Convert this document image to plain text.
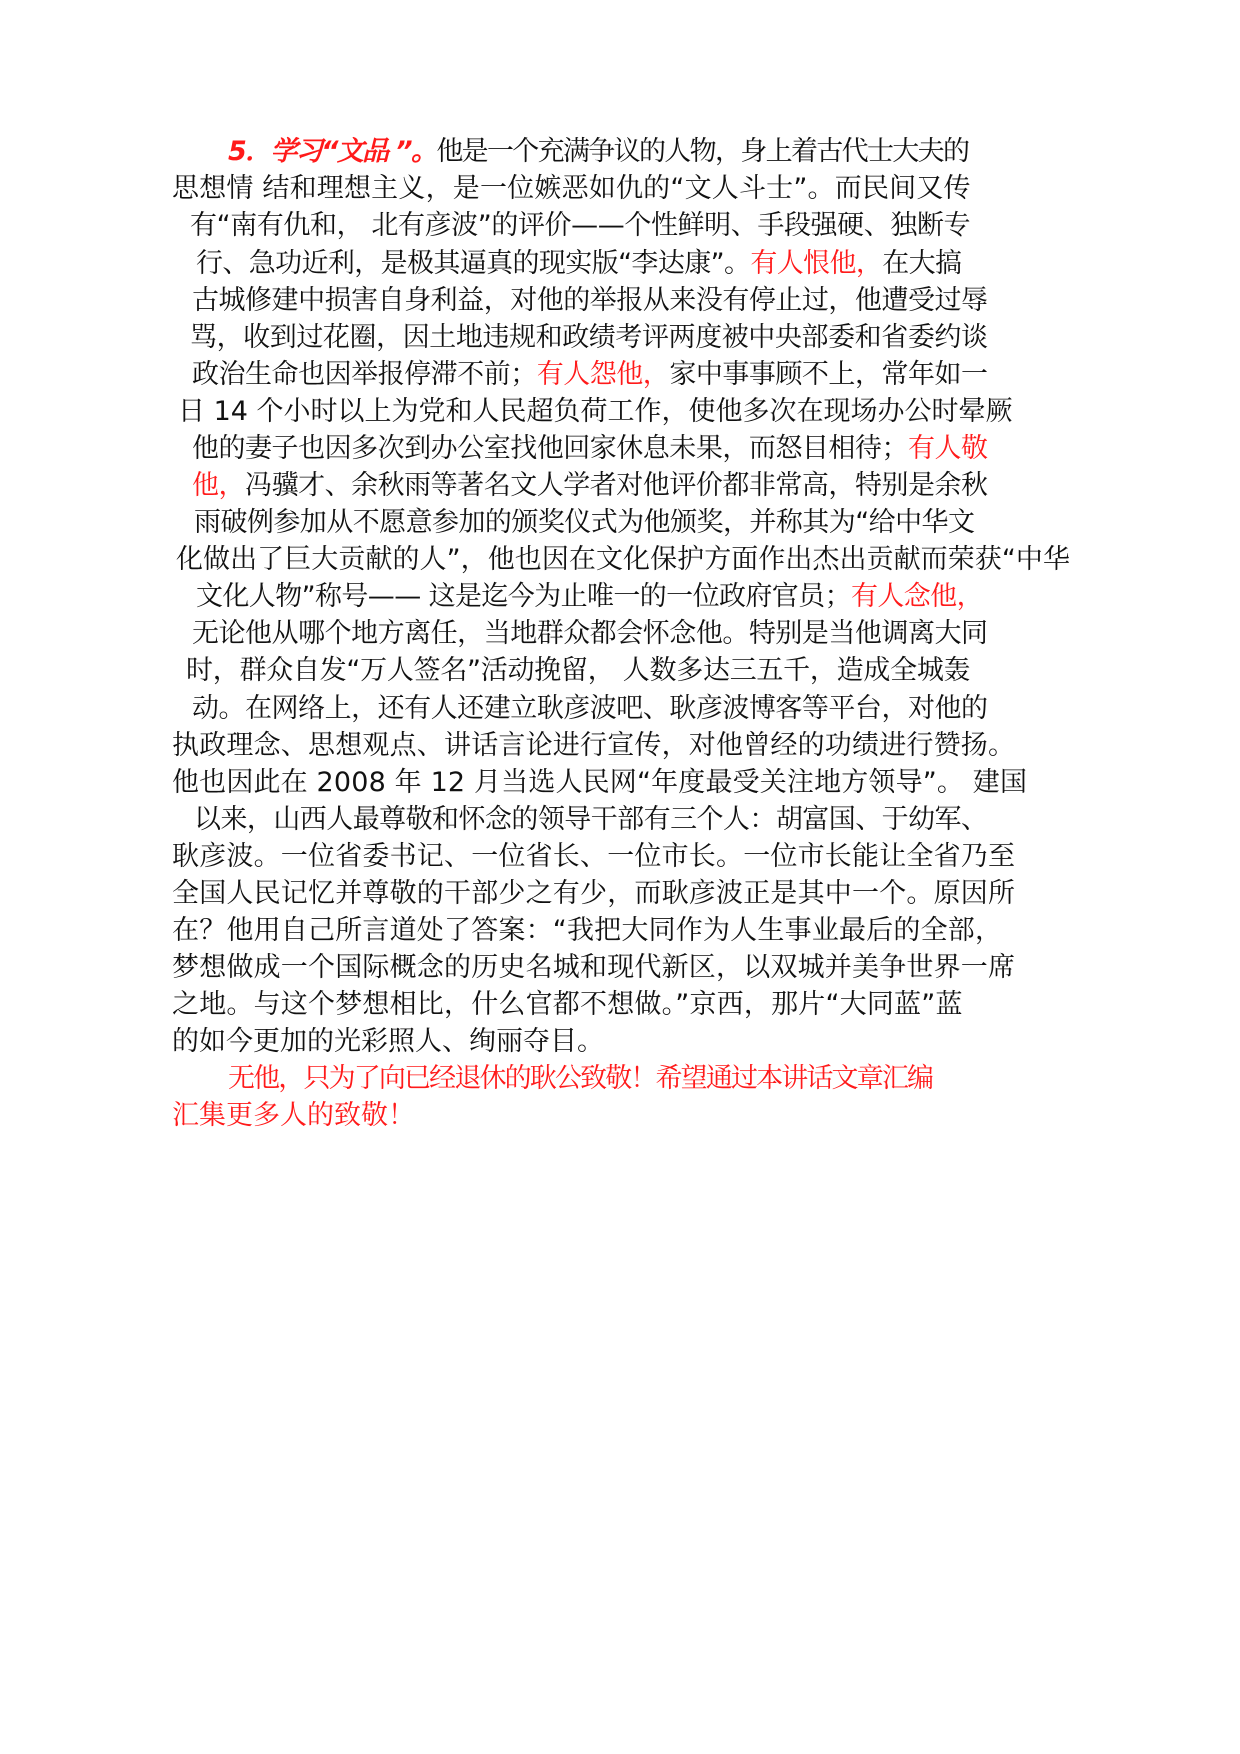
5．学习“文品 ”。他是一个充满争议的人物，身上着古代士大夫的
思想情 结和理想主义，是一位嫉恶如仇的“文人斗士”。而民间又传
有“南有仇和， 北有彦波”的评价——个性鲜明、手段强硬、独断专
行、急功近利，是极其逼真的现实版“李达康”。有人恨他，在大搞
古城修建中损害自身利益，对他的举报从来没有停止过，他遭受过辱
骂，收到过花圈，因土地违规和政绩考评两度被中央部委和省委约谈
政治生命也因举报停滞不前；有人怨他，家中事事顾不上，常年如一
日 14 个小时以上为党和人民超负荷工作，使他多次在现场办公时晕厥
他的妻子也因多次到办公室找他回家休息未果，而怒目相待；有人敬
他，冯骥才、余秋雨等著名文人学者对他评价都非常高，特别是余秋
雨破例参加从不愿意参加的颁奖仪式为他颁奖，并称其为“给中华文
化做出了巨大贡献的人”，他也因在文化保护方面作出杰出贡献而荣获“中华
文化人物”称号—— 这是迄今为止唯一的一位政府官员；有人念他，
无论他从哪个地方离任，当地群众都会怀念他。特别是当他调离大同
时，群众自发“万人签名”活动挽留， 人数多达三五千，造成全城轰
动。在网络上，还有人还建立耿彦波吧、耿彦波博客等平台，对他的
执政理念、思想观点、讲话言论进行宣传，对他曾经的功绩进行赞扬。
他也因此在 2008 年 12 月当选人民网“年度最受关注地方领导”。 建国
以来，山西人最尊敬和怀念的领导干部有三个人：胡富国、于幼军、
耿彦波。一位省委书记、一位省长、一位市长。一位市长能让全省乃至
全国人民记忆并尊敬的干部少之有少，而耿彦波正是其中一个。原因所
在？他用自己所言道处了答案：“我把大同作为人生事业最后的全部，
梦想做成一个国际概念的历史名城和现代新区，以双城并美争世界一席
之地。与这个梦想相比，什么官都不想做。”京西，那片“大同蓝”蓝
的如今更加的光彩照人、绚丽夺目。
无他，只为了向已经退休的耿公致敬！希望通过本讲话文章汇编
汇集更多人的致敬！
